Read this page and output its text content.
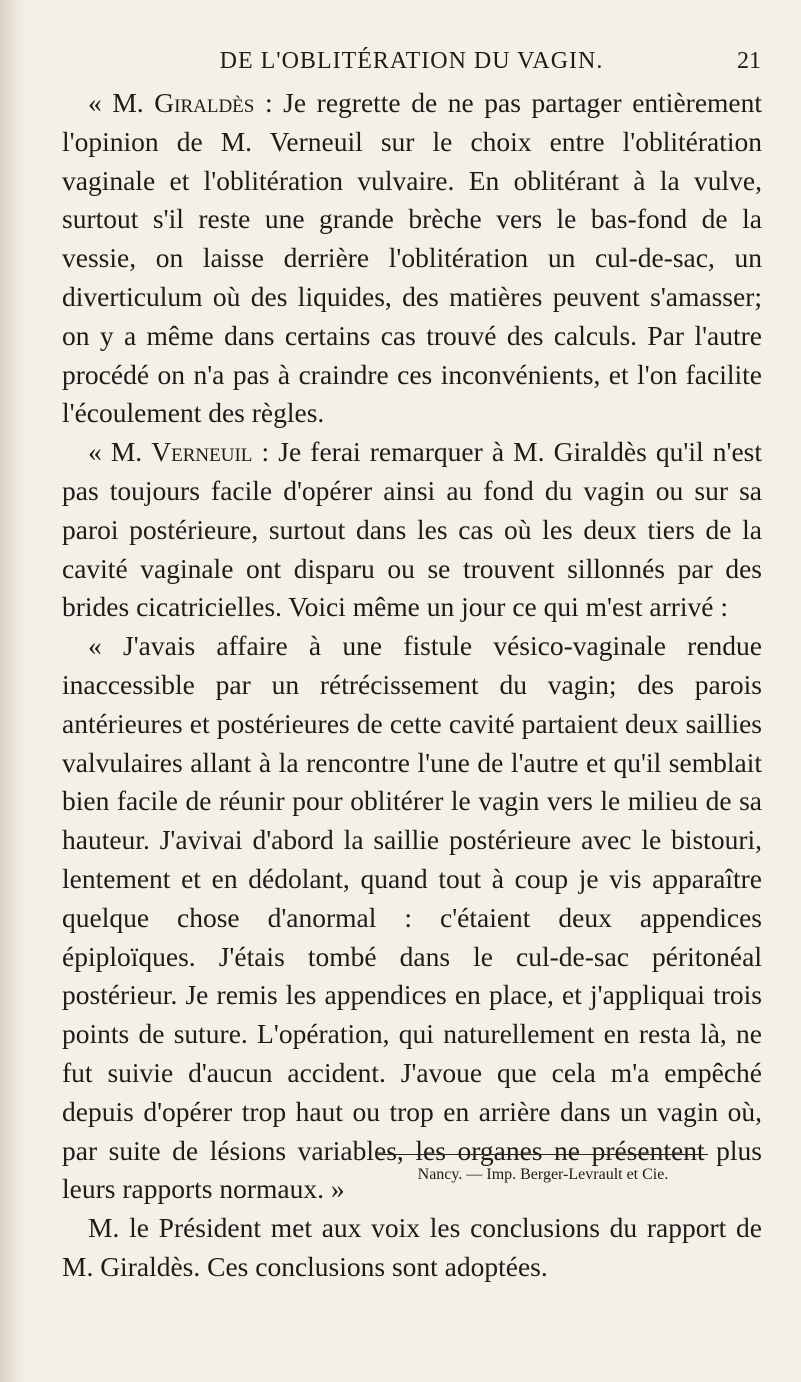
DE L'OBLITÉRATION DU VAGIN.	21

« M. Giraldès : Je regrette de ne pas partager entièrement l'opinion de M. Verneuil sur le choix entre l'oblitération vaginale et l'oblitération vulvaire. En oblitérant à la vulve, surtout s'il reste une grande brèche vers le bas-fond de la vessie, on laisse derrière l'oblitération un cul-de-sac, un diverticulum où des liquides, des matières peuvent s'amasser; on y a même dans certains cas trouvé des calculs. Par l'autre procédé on n'a pas à craindre ces inconvénients, et l'on facilite l'écoulement des règles.

« M. Verneuil : Je ferai remarquer à M. Giraldès qu'il n'est pas toujours facile d'opérer ainsi au fond du vagin ou sur sa paroi postérieure, surtout dans les cas où les deux tiers de la cavité vaginale ont disparu ou se trouvent sillonnés par des brides cicatricielles. Voici même un jour ce qui m'est arrivé :

« J'avais affaire à une fistule vésico-vaginale rendue inaccessible par un rétrécissement du vagin; des parois antérieures et postérieures de cette cavité partaient deux saillies valvulaires allant à la rencontre l'une de l'autre et qu'il semblait bien facile de réunir pour oblitérer le vagin vers le milieu de sa hauteur. J'avivai d'abord la saillie postérieure avec le bistouri, lentement et en dédolant, quand tout à coup je vis apparaître quelque chose d'anormal : c'étaient deux appendices épiploïques. J'étais tombé dans le cul-de-sac péritonéal postérieur. Je remis les appendices en place, et j'appliquai trois points de suture. L'opération, qui naturellement en resta là, ne fut suivie d'aucun accident. J'avoue que cela m'a empêché depuis d'opérer trop haut ou trop en arrière dans un vagin où, par suite de lésions variables, les organes ne présentent plus leurs rapports normaux. »

M. le Président met aux voix les conclusions du rapport de M. Giraldès. Ces conclusions sont adoptées.

Nancy. — Imp. Berger-Levrault et Cie.
